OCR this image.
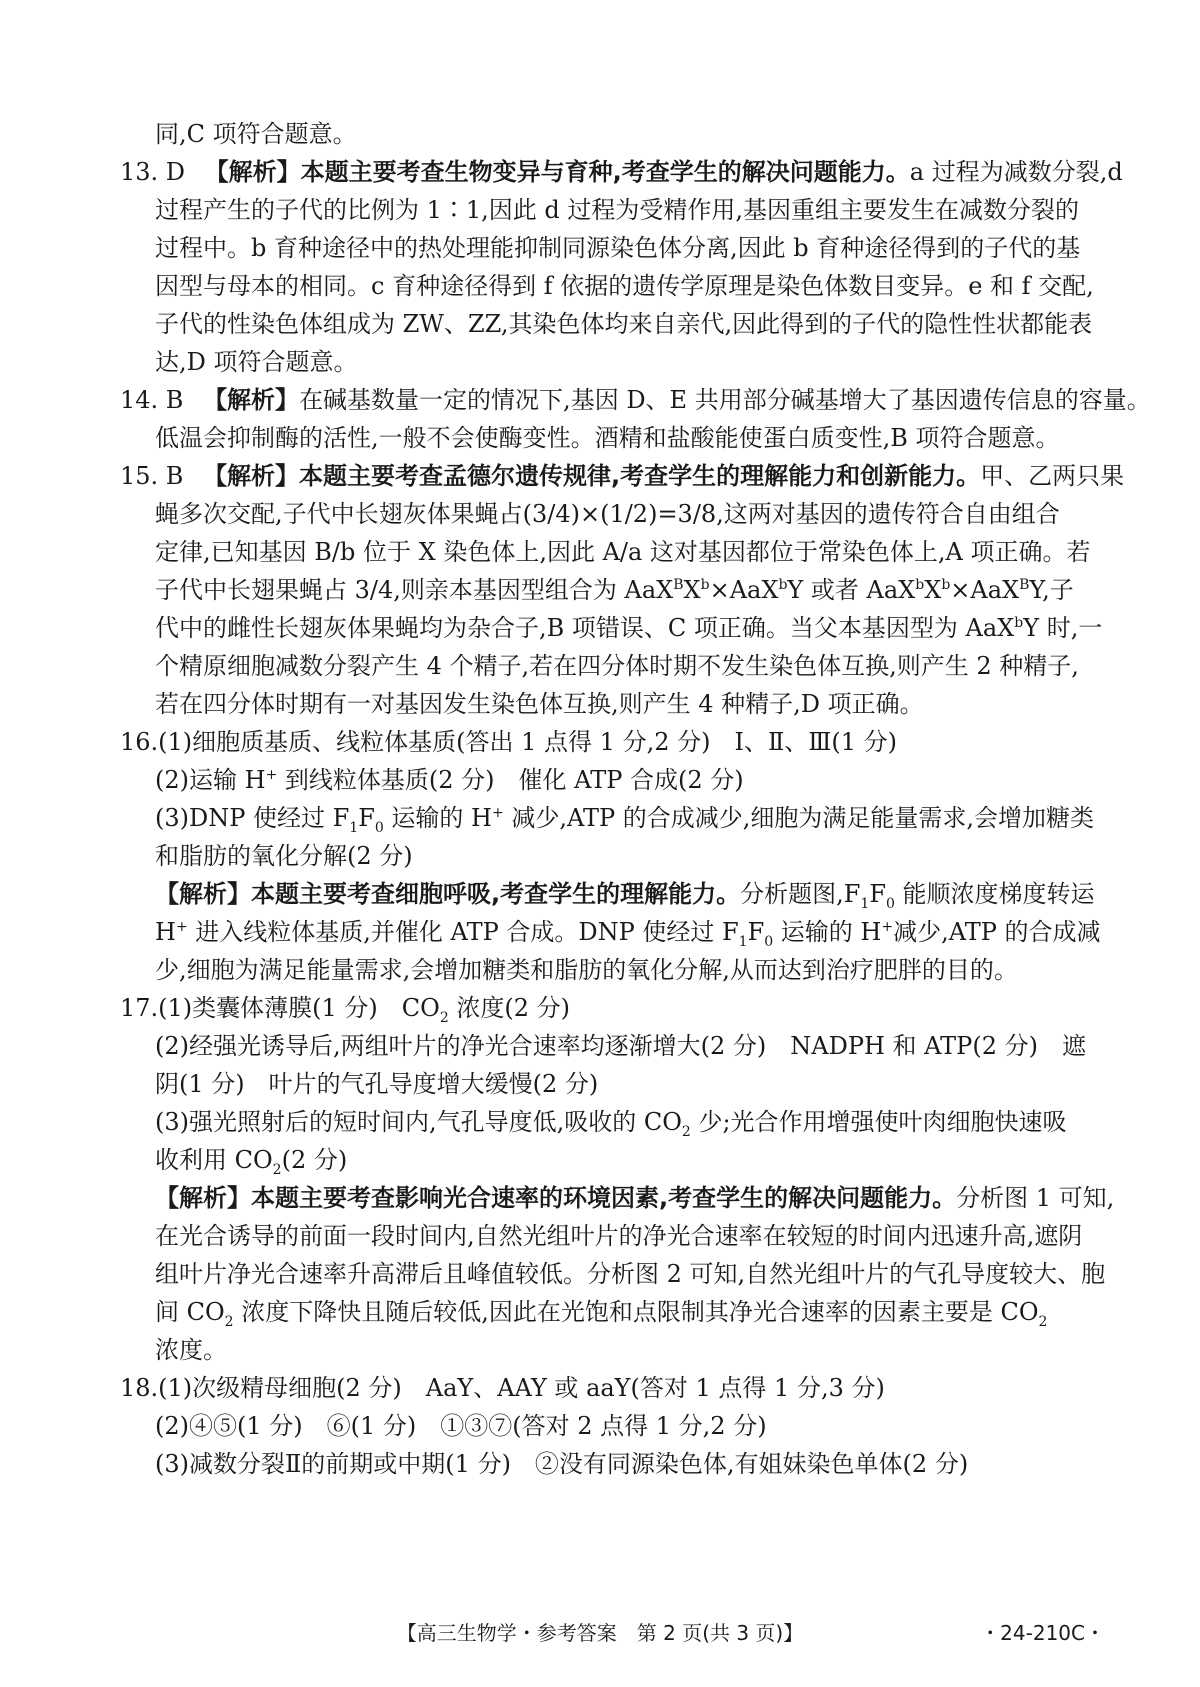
同,C 项符合题意。
13. D 　【解析】本题主要考查生物变异与育种,考查学生的解决问题能力。a 过程为减数分裂,d
过程产生的子代的比例为 1∶1,因此 d 过程为受精作用,基因重组主要发生在减数分裂的
过程中。b 育种途径中的热处理能抑制同源染色体分离,因此 b 育种途径得到的子代的基
因型与母本的相同。c 育种途径得到 f 依据的遗传学原理是染色体数目变异。e 和 f 交配,
子代的性染色体组成为 ZW、ZZ,其染色体均来自亲代,因此得到的子代的隐性性状都能表
达,D 项符合题意。
14. B 　【解析】在碱基数量一定的情况下,基因 D、E 共用部分碱基增大了基因遗传信息的容量。
低温会抑制酶的活性,一般不会使酶变性。酒精和盐酸能使蛋白质变性,B 项符合题意。
15. B 　【解析】本题主要考查孟德尔遗传规律,考查学生的理解能力和创新能力。甲、乙两只果
蝇多次交配,子代中长翅灰体果蝇占(3/4)×(1/2)=3/8,这两对基因的遗传符合自由组合
定律,已知基因 B/b 位于 X 染色体上,因此 A/a 这对基因都位于常染色体上,A 项正确。若
子代中长翅果蝇占 3/4,则亲本基因型组合为 $AaX^BX^b\times AaX^bY$ 或者 $AaX^bX^b\times AaX^BY$,子
代中的雌性长翅灰体果蝇均为杂合子,B 项错误、C 项正确。当父本基因型为 AaX$^b$Y 时,一
个精原细胞减数分裂产生 4 个精子,若在四分体时期不发生染色体互换,则产生 2 种精子,
若在四分体时期有一对基因发生染色体互换,则产生 4 种精子,D 项正确。
16.(1)细胞质基质、线粒体基质(答出 1 点得 1 分,2 分)　Ⅰ、Ⅱ、Ⅲ(1 分)
(2)运输 H+ 到线粒体基质(2 分)　催化 ATP 合成(2 分)
(3)DNP 使经过 $F_1F_0$ 运输的 H+ 减少,ATP 的合成减少,细胞为满足能量需求,会增加糖类
和脂肪的氧化分解(2 分)
【解析】本题主要考查细胞呼吸,考查学生的理解能力。分析题图$,F_1F_0$ 能顺浓度梯度转运
H+ 进入线粒体基质,并催化 ATP 合成。DNP 使经过 $F_1F_0$ 运输的 H+减少,ATP 的合成减
少,细胞为满足能量需求,会增加糖类和脂肪的氧化分解,从而达到治疗肥胖的目的。
17.(1)类囊体薄膜(1 分)　$CO_2$ 浓度(2 分)
(2)经强光诱导后,两组叶片的净光合速率均逐渐增大(2 分)　NADPH 和 ATP(2 分)　遮
阴(1 分)　叶片的气孔导度增大缓慢(2 分)
(3)强光照射后的短时间内,气孔导度低,吸收的 $CO_2$ 少;光合作用增强使叶肉细胞快速吸
收利用 $CO_2(2$ 分)
【解析】本题主要考查影响光合速率的环境因素,考查学生的解决问题能力。分析图 1 可知,
在光合诱导的前面一段时间内,自然光组叶片的净光合速率在较短的时间内迅速升高,遮阴
组叶片净光合速率升高滞后且峰值较低。分析图 2 可知,自然光组叶片的气孔导度较大、胞
间 $CO_2$ 浓度下降快且随后较低,因此在光饱和点限制其净光合速率的因素主要是 $CO_2$
浓度。
18.(1)次级精母细胞(2 分)　AaY、AAY 或 aaY(答对 1 点得 1 分,3 分)
(2)④⑤(1 分)　⑥(1 分)　①③⑦(答对 2 点得 1 分,2 分)
(3)减数分裂Ⅱ的前期或中期(1 分)　②没有同源染色体,有姐妹染色单体(2 分)
【高三生物学・参考答案　第 2 页(共 3 页)】	・24-210C・
